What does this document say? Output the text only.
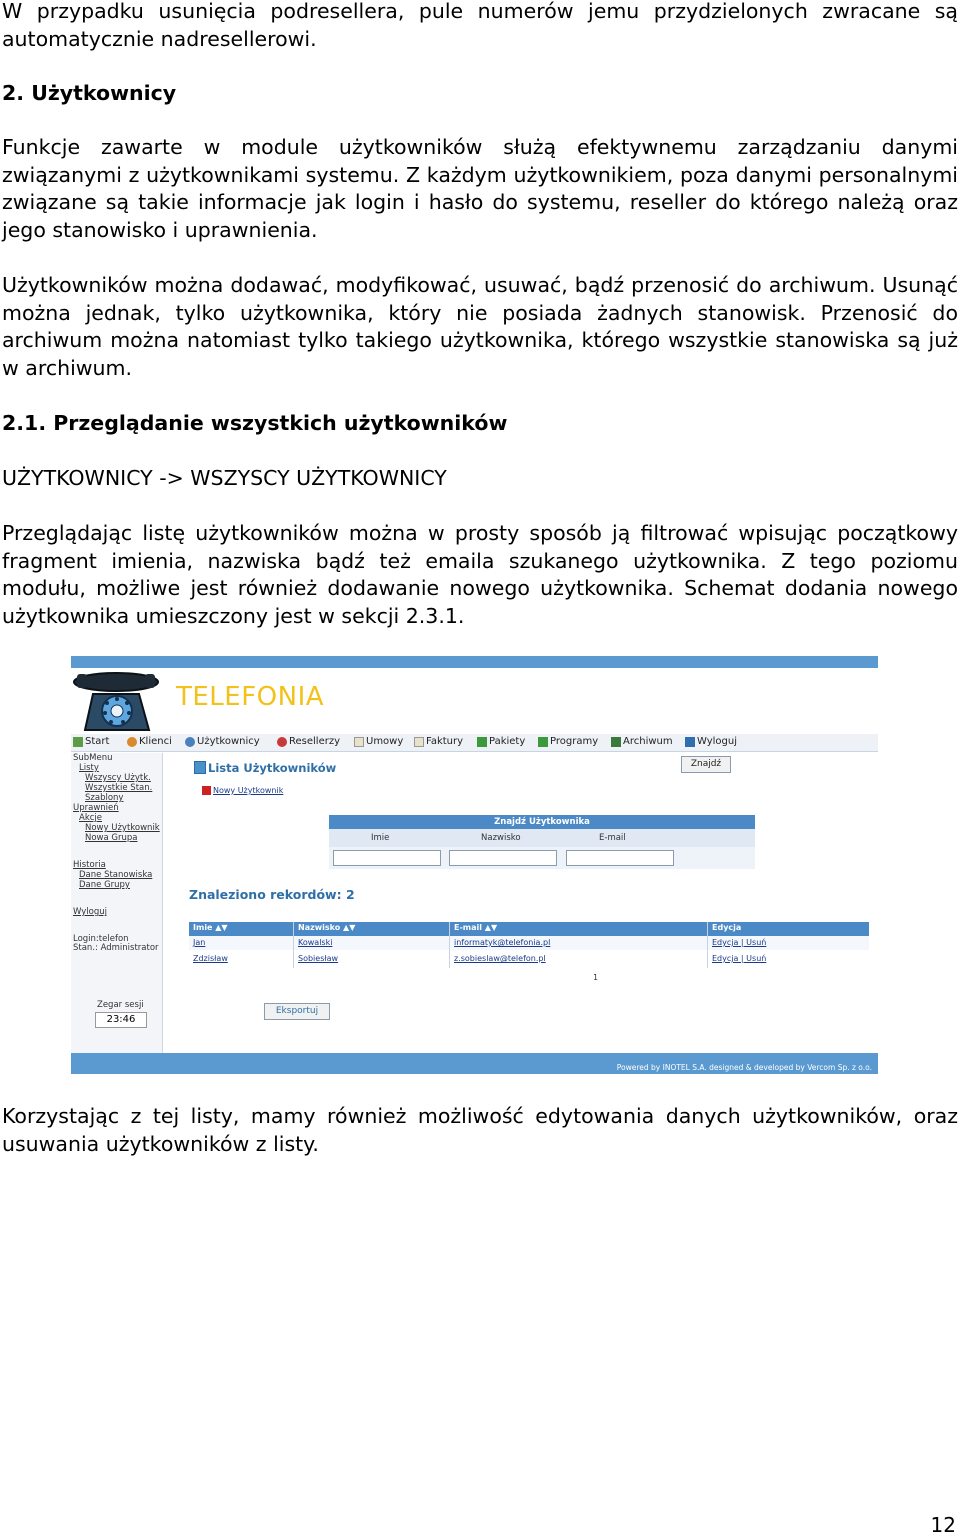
W przypadku usunięcia podresellera, pule numerów jemu przydzielonych zwracane są automatycznie nadresellerowi.
2. Użytkownicy
Funkcje zawarte w module użytkowników służą efektywnemu zarządzaniu danymi związanymi z użytkownikami systemu. Z każdym użytkownikiem, poza danymi personalnymi związane są takie informacje jak login i hasło do systemu, reseller do którego należą oraz jego stanowisko i uprawnienia.
Użytkowników można dodawać, modyfikować, usuwać, bądź przenosić do archiwum. Usunąć można jednak, tylko użytkownika, który nie posiada żadnych stanowisk. Przenosić do archiwum można natomiast tylko takiego użytkownika, którego wszystkie stanowiska są już w archiwum.
2.1. Przeglądanie wszystkich użytkowników
UŻYTKOWNICY -> WSZYSCY UŻYTKOWNICY
Przeglądając listę użytkowników można w prosty sposób ją filtrować wpisując początkowy fragment imienia, nazwiska bądź też emaila szukanego użytkownika. Z tego poziomu modułu, możliwe jest również dodawanie nowego użytkownika. Schemat dodania nowego użytkownika umieszczony jest w sekcji 2.3.1.
Korzystając z tej listy, mamy również możliwość edytowania danych użytkowników, oraz usuwania użytkowników z listy.
TELEFONIA
Start	Klienci	Użytkownicy	Resellerzy	Umowy Faktury	Pakiety Programy Archiwum Wyloguj
SubMenu
Listy
Wszyscy Użytk.
Wszystkie Stan.
Szablony
Uprawnień
Akcje
Nowy Użytkownik
Nowa Grupa
Historia
Dane Stanowiska
Dane Grupy
Wyloguj
Login:telefon
Stan.: Administrator
Zegar sesji
23:46
Lista Użytkowników
Nowy Użytkownik
Znajdź Użytkownika
Imie	Nazwisko	E-mail
Znajdź
Znaleziono rekordów: 2
Imie ▲▼	Nazwisko ▲▼	E-mail ▲▼	Edycja
Jan	Kowalski	informatyk@telefonia.pl	Edycja | Usuń
Zdzisław	Sobiesław	z.sobieslaw@telefon.pl	Edycja | Usuń
1
Eksportuj
Powered by INOTEL S.A. designed & developed by Vercom Sp. z o.o.
12
